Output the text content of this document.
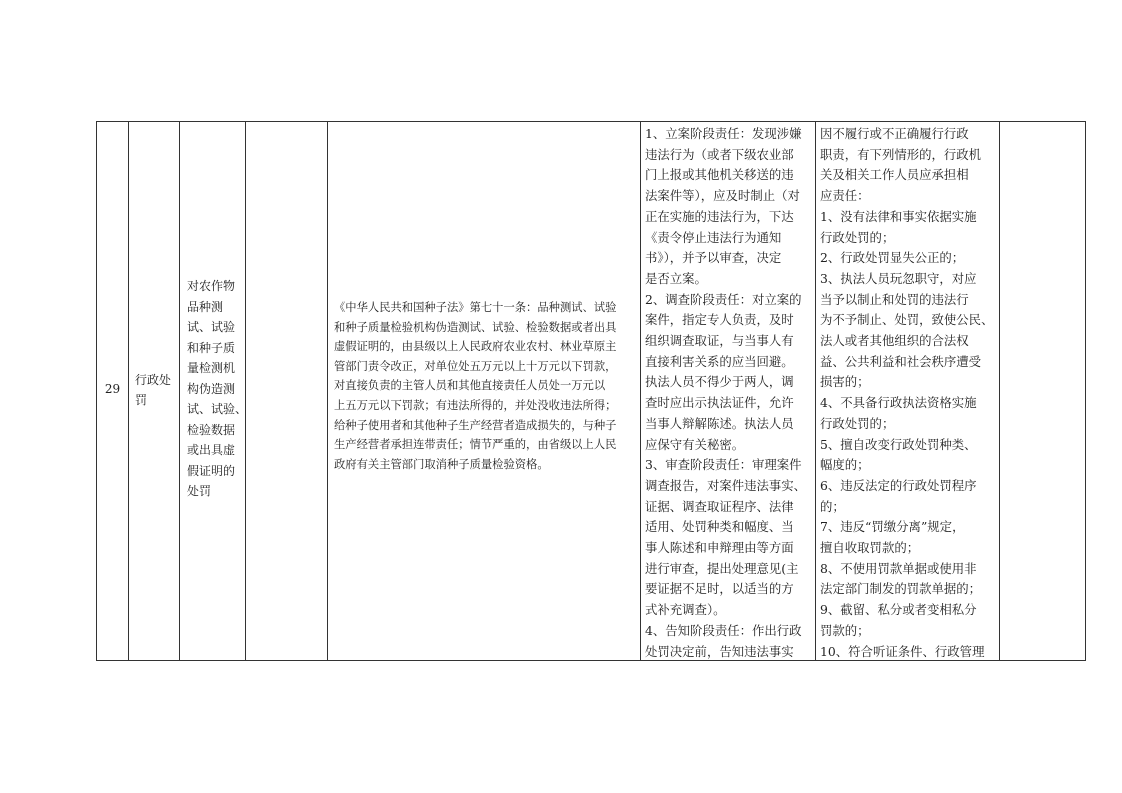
29
行政处
罚
对农作物
品种测
试、试验
和种子质
量检测机
构伪造测
试、试验、
检验数据
或出具虚
假证明的
处罚
《中华人民共和国种子法》第七十一条：品种测试、试验
和种子质量检验机构伪造测试、试验、检验数据或者出具
虚假证明的，由县级以上人民政府农业农村、林业草原主
管部门责令改正，对单位处五万元以上十万元以下罚款，
对直接负责的主管人员和其他直接责任人员处一万元以
上五万元以下罚款；有违法所得的，并处没收违法所得；
给种子使用者和其他种子生产经营者造成损失的，与种子
生产经营者承担连带责任；情节严重的，由省级以上人民
政府有关主管部门取消种子质量检验资格。
1、立案阶段责任：发现涉嫌
违法行为（或者下级农业部
门上报或其他机关移送的违
法案件等），应及时制止（对
正在实施的违法行为，下达
《责令停止违法行为通知
书》），并予以审查，决定
是否立案。
2、调查阶段责任：对立案的
案件，指定专人负责，及时
组织调查取证，与当事人有
直接利害关系的应当回避。
执法人员不得少于两人，调
查时应出示执法证件，允许
当事人辩解陈述。执法人员
应保守有关秘密。
3、审查阶段责任：审理案件
调查报告，对案件违法事实、
证据、调查取证程序、法律
适用、处罚种类和幅度、当
事人陈述和申辩理由等方面
进行审查，提出处理意见(主
要证据不足时，以适当的方
式补充调查）。
4、告知阶段责任：作出行政
处罚决定前，告知违法事实
因不履行或不正确履行行政
职责，有下列情形的，行政机
关及相关工作人员应承担相
应责任：
1、没有法律和事实依据实施
行政处罚的；
2、行政处罚显失公正的；
3、执法人员玩忽职守，对应
当予以制止和处罚的违法行
为不予制止、处罚，致使公民、
法人或者其他组织的合法权
益、公共利益和社会秩序遭受
损害的；
4、不具备行政执法资格实施
行政处罚的；
5、擅自改变行政处罚种类、
幅度的；
6、违反法定的行政处罚程序
的；
7、违反“罚缴分离”规定，
擅自收取罚款的；
8、不使用罚款单据或使用非
法定部门制发的罚款单据的；
9、截留、私分或者变相私分
罚款的；
10、符合听证条件、行政管理
